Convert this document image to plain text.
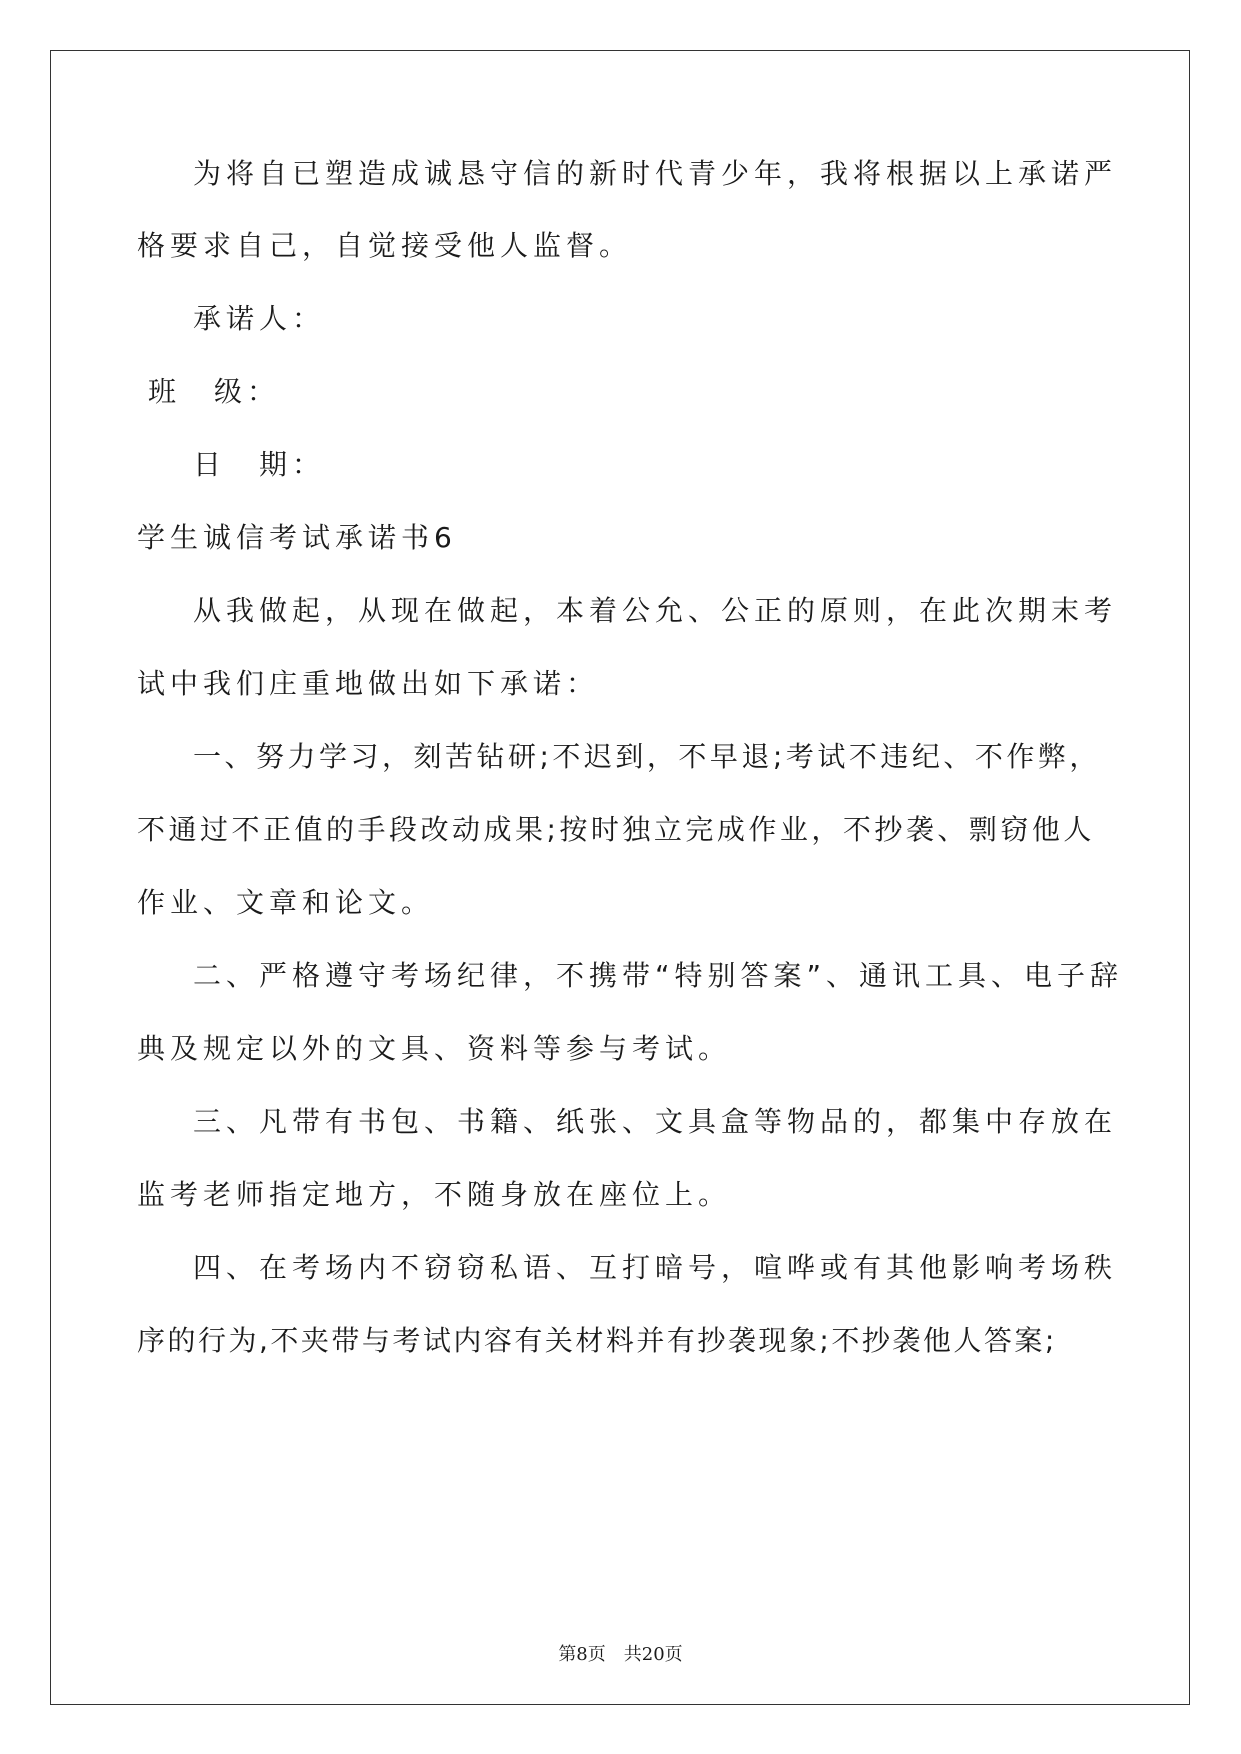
为将自已塑造成诚恳守信的新时代青少年，我将根据以上承诺严
格要求自己，自觉接受他人监督。
承诺人：
班　级：
日　期：
学生诚信考试承诺书6
从我做起，从现在做起，本着公允、公正的原则，在此次期末考
试中我们庄重地做出如下承诺：
一、努力学习，刻苦钻研;不迟到，不早退;考试不违纪、不作弊，
不通过不正值的手段改动成果;按时独立完成作业，不抄袭、剽窃他人
作业、文章和论文。
二、严格遵守考场纪律，不携带“特别答案”、通讯工具、电子辞
典及规定以外的文具、资料等参与考试。
三、凡带有书包、书籍、纸张、文具盒等物品的，都集中存放在
监考老师指定地方，不随身放在座位上。
四、在考场内不窃窃私语、互打暗号，喧哗或有其他影响考场秩
序的行为,不夹带与考试内容有关材料并有抄袭现象;不抄袭他人答案;
第8页　共20页
